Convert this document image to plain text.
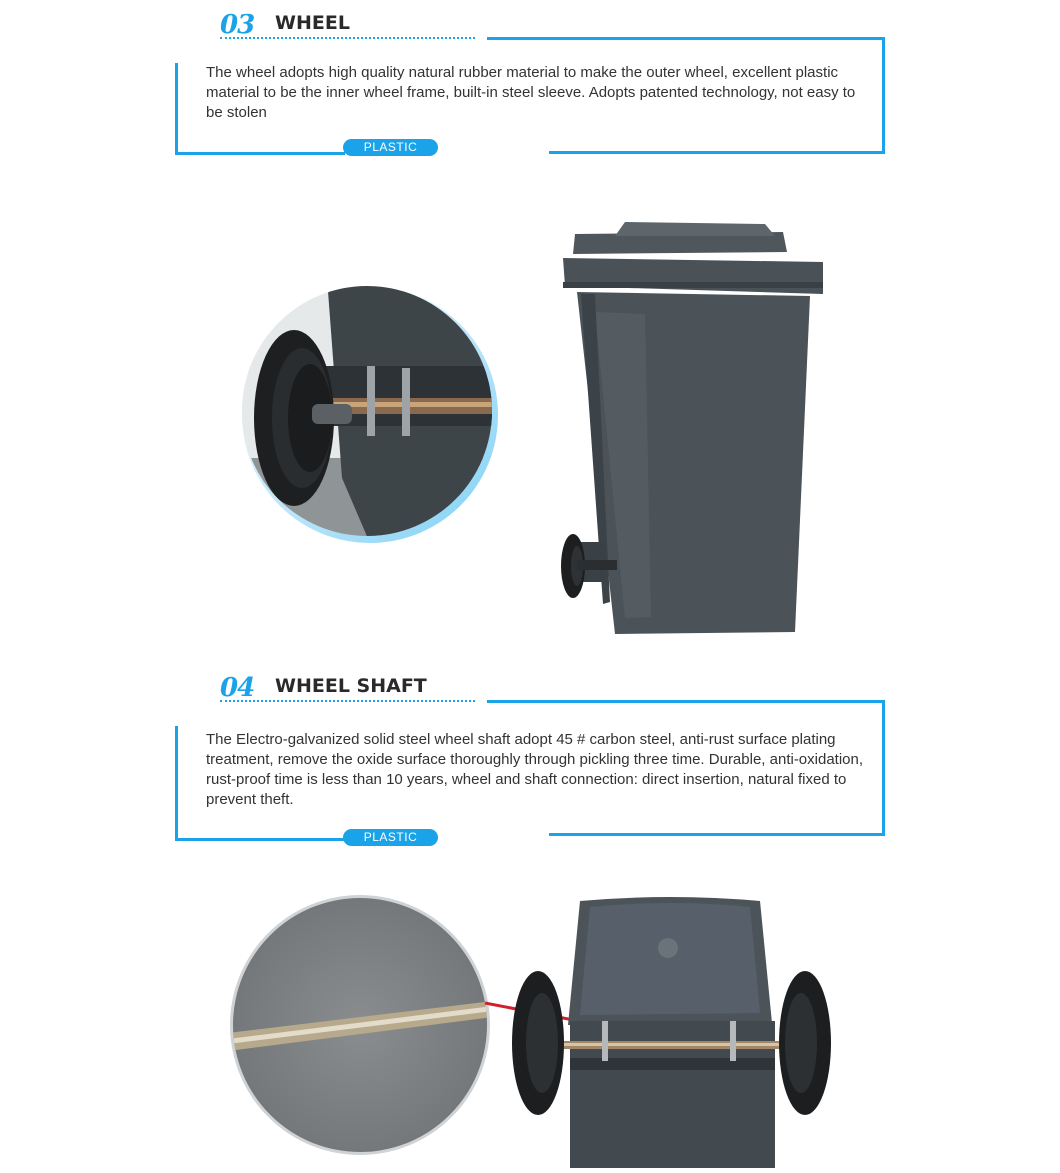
03 WHEEL

The wheel adopts high quality natural rubber material to make the outer wheel, excellent plastic material to be the inner wheel frame, built-in steel sleeve. Adopts patented technology, not easy to be stolen

PLASTIC
04 WHEEL SHAFT

The Electro-galvanized solid steel wheel shaft adopt 45 # carbon steel, anti-rust surface plating treatment, remove the oxide surface thoroughly through pickling three time. Durable, anti-oxidation, rust-proof time is less than 10 years, wheel and shaft connection: direct insertion, natural fixed to prevent theft.

PLASTIC
